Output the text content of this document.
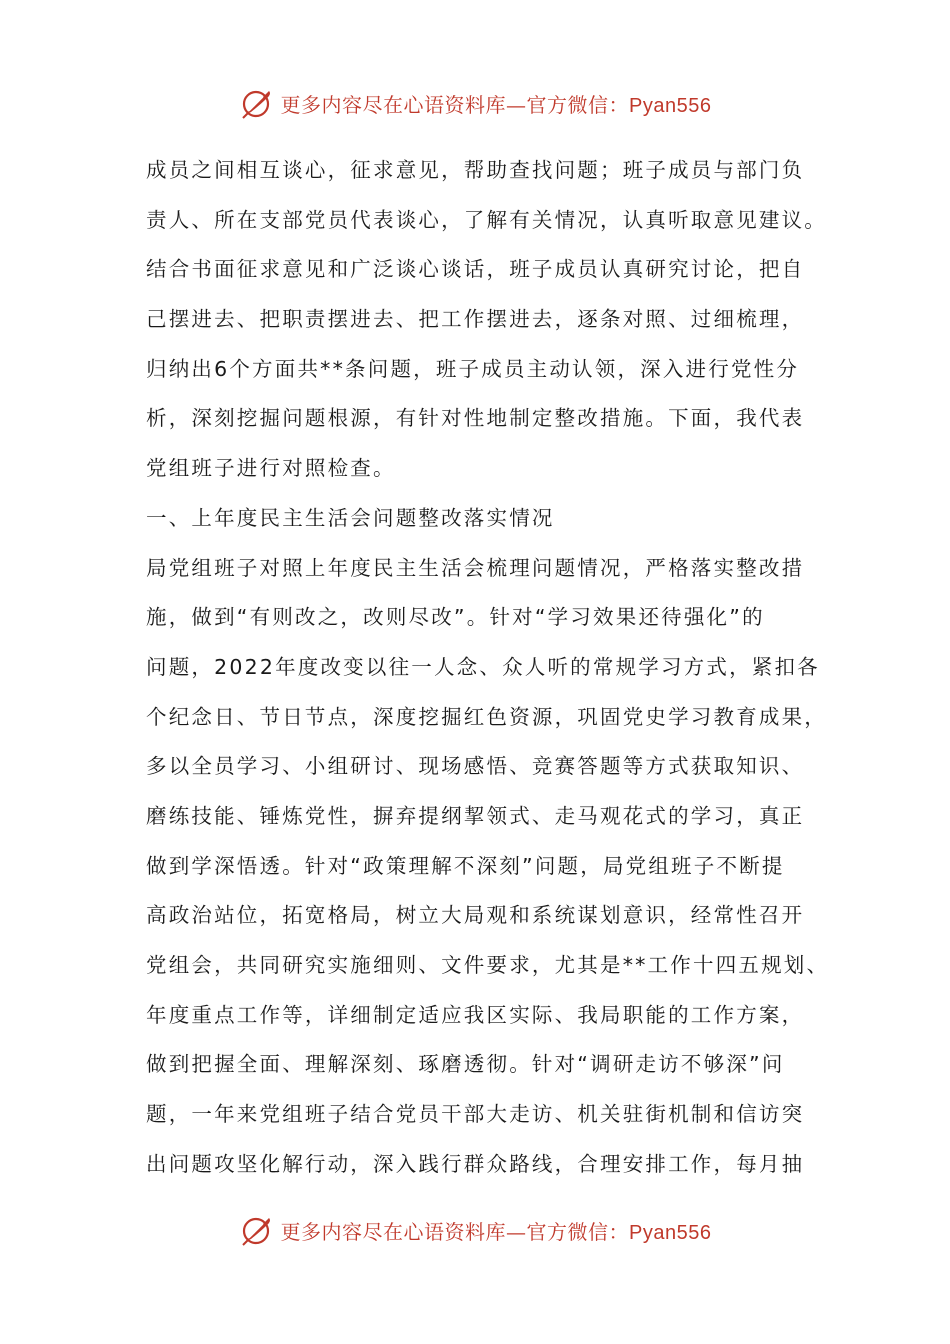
更多内容尽在心语资料库—官方微信：Pyan556
成员之间相互谈心，征求意见，帮助查找问题；班子成员与部门负
责人、所在支部党员代表谈心，了解有关情况，认真听取意见建议。
结合书面征求意见和广泛谈心谈话，班子成员认真研究讨论，把自
己摆进去、把职责摆进去、把工作摆进去，逐条对照、过细梳理，
归纳出6个方面共**条问题，班子成员主动认领，深入进行党性分
析，深刻挖掘问题根源，有针对性地制定整改措施。下面，我代表
党组班子进行对照检查。
一、上年度民主生活会问题整改落实情况
局党组班子对照上年度民主生活会梳理问题情况，严格落实整改措
施，做到“有则改之，改则尽改”。针对“学习效果还待强化”的
问题，2022年度改变以往一人念、众人听的常规学习方式，紧扣各
个纪念日、节日节点，深度挖掘红色资源，巩固党史学习教育成果，
多以全员学习、小组研讨、现场感悟、竞赛答题等方式获取知识、
磨练技能、锤炼党性，摒弃提纲挈领式、走马观花式的学习，真正
做到学深悟透。针对“政策理解不深刻”问题，局党组班子不断提
高政治站位，拓宽格局，树立大局观和系统谋划意识，经常性召开
党组会，共同研究实施细则、文件要求，尤其是**工作十四五规划、
年度重点工作等，详细制定适应我区实际、我局职能的工作方案，
做到把握全面、理解深刻、琢磨透彻。针对“调研走访不够深”问
题，一年来党组班子结合党员干部大走访、机关驻街机制和信访突
出问题攻坚化解行动，深入践行群众路线，合理安排工作，每月抽
更多内容尽在心语资料库—官方微信：Pyan556
